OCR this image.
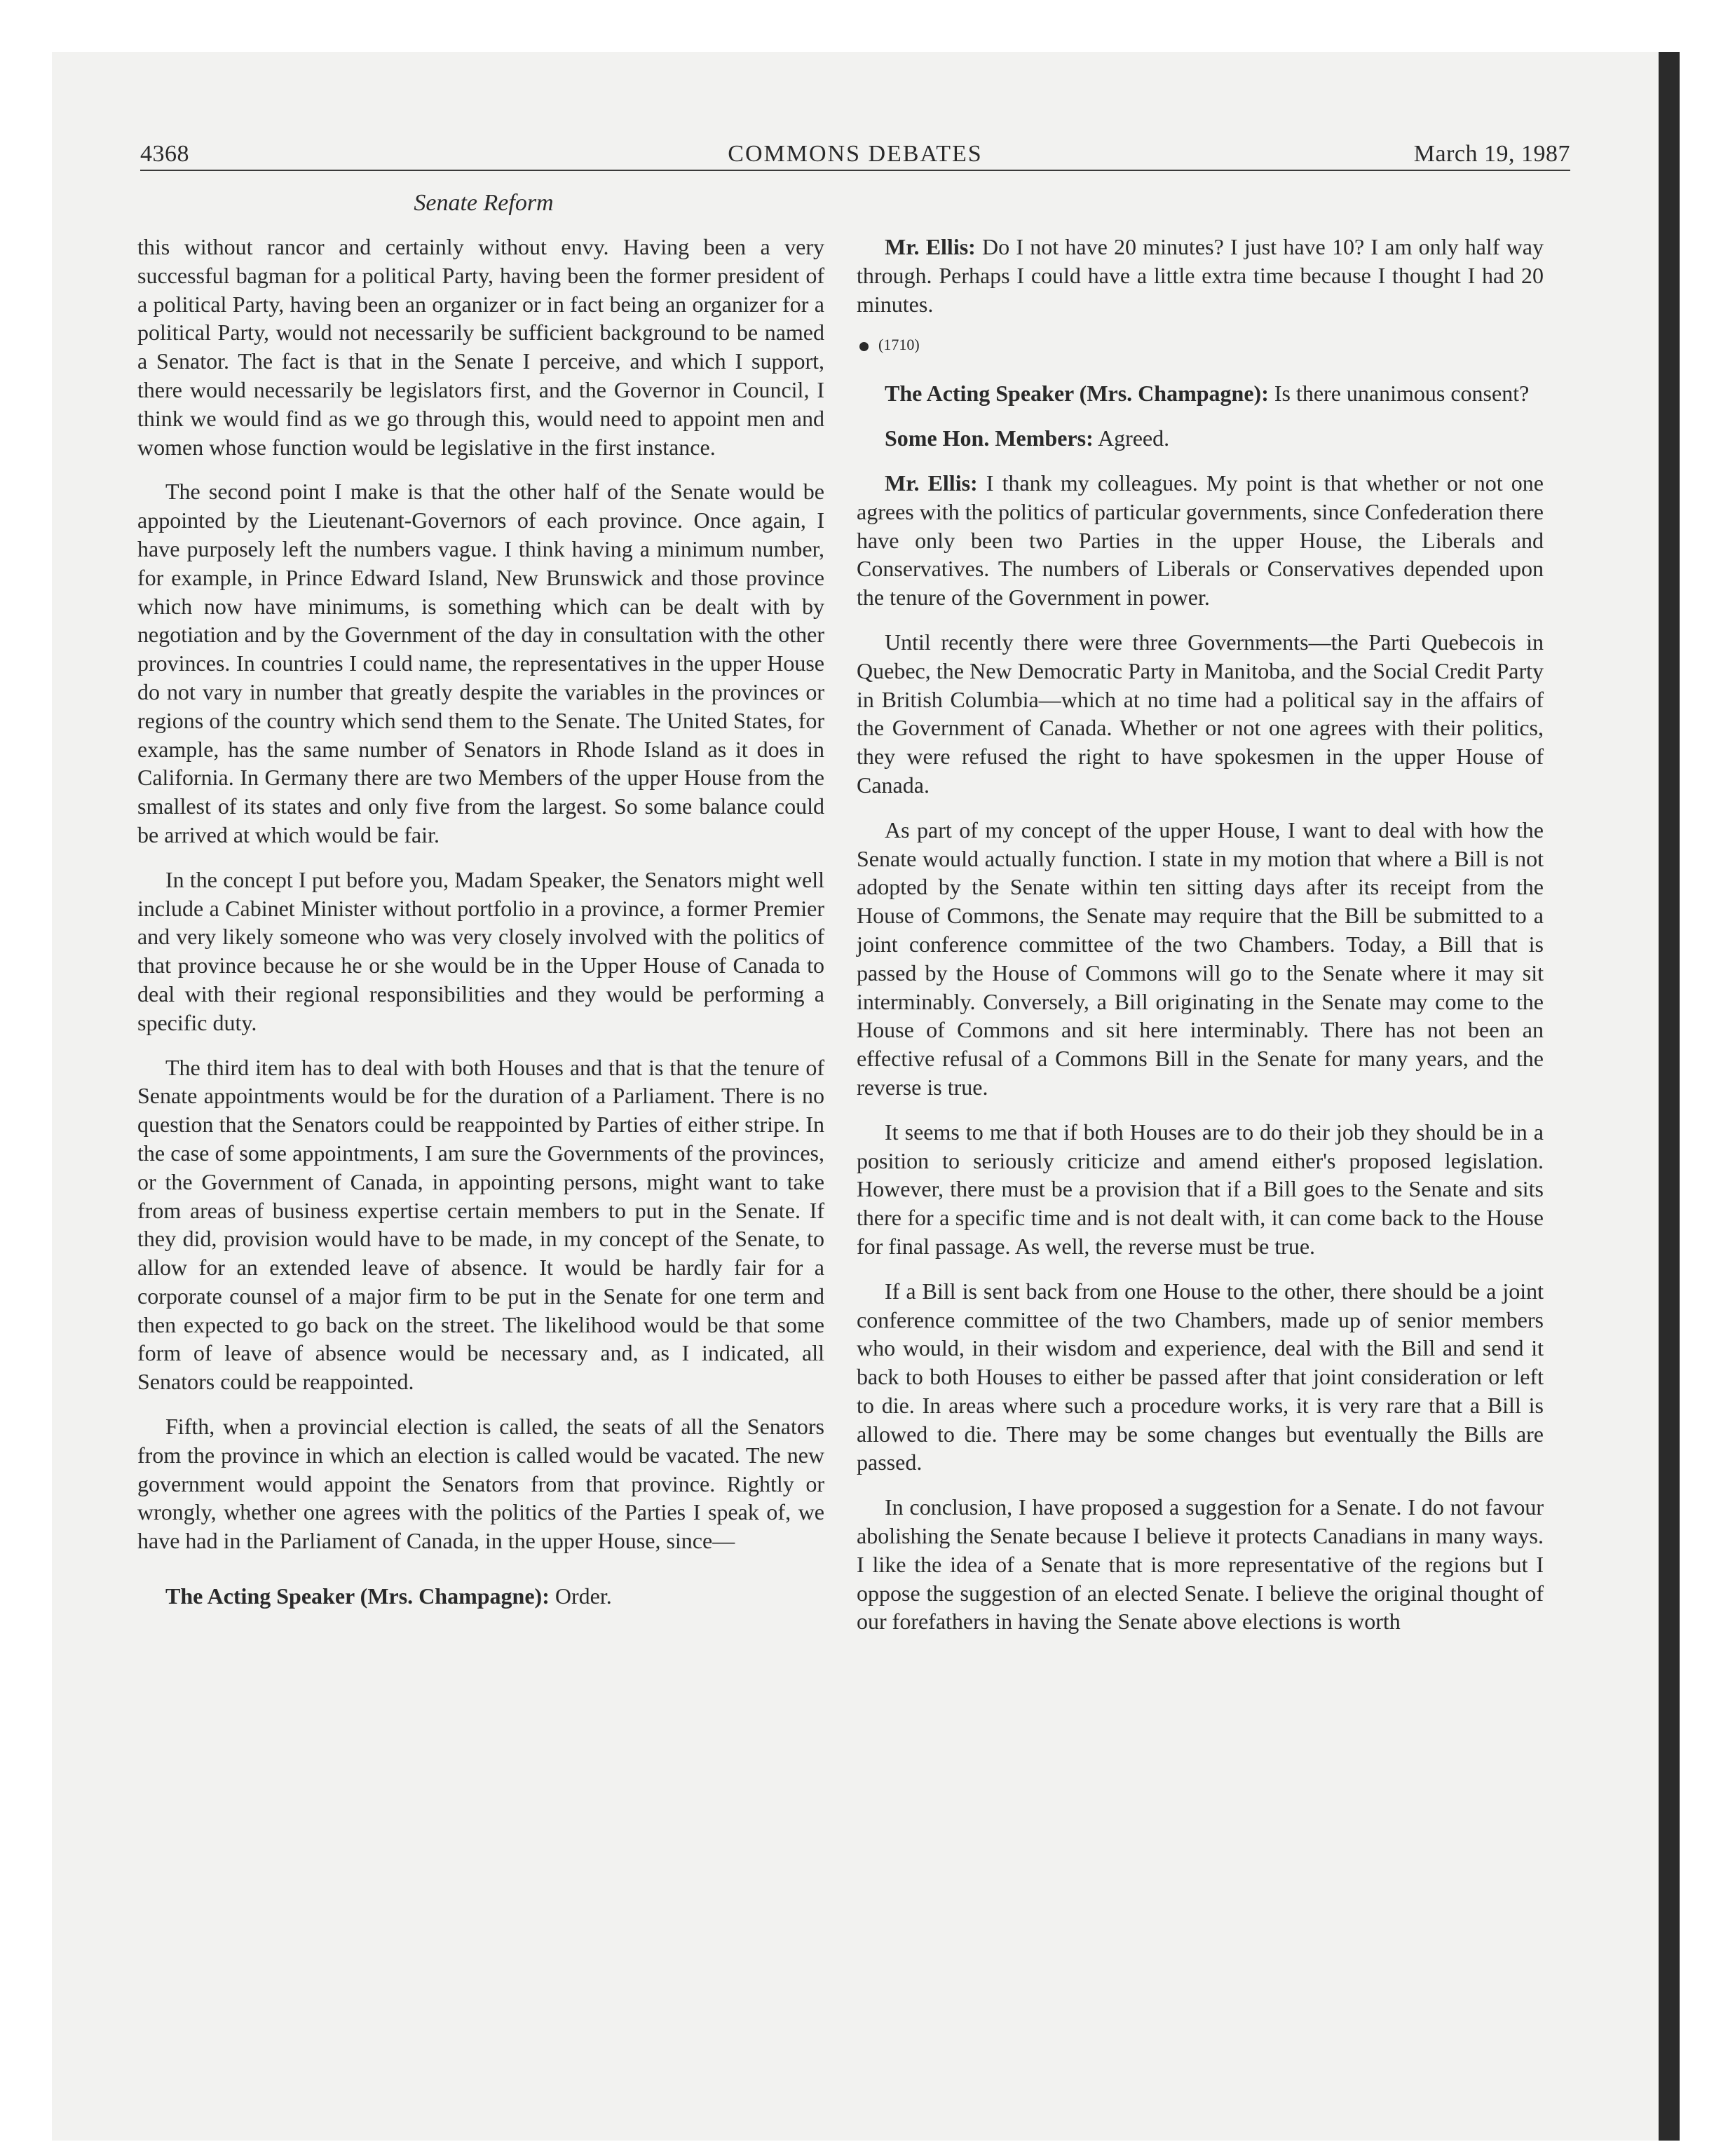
4368	COMMONS DEBATES	March 19, 1987
Senate Reform

this without rancor and certainly without envy. Having been a very successful bagman for a political Party, having been the former president of a political Party, having been an organizer or in fact being an organizer for a political Party, would not necessarily be sufficient background to be named a Senator. The fact is that in the Senate I perceive, and which I support, there would necessarily be legislators first, and the Governor in Council, I think we would find as we go through this, would need to appoint men and women whose function would be legislative in the first instance.

The second point I make is that the other half of the Senate would be appointed by the Lieutenant-Governors of each province. Once again, I have purposely left the numbers vague. I think having a minimum number, for example, in Prince Edward Island, New Brunswick and those province which now have minimums, is something which can be dealt with by negotiation and by the Government of the day in consultation with the other provinces. In countries I could name, the representatives in the upper House do not vary in number that greatly despite the variables in the provinces or regions of the country which send them to the Senate. The United States, for example, has the same number of Senators in Rhode Island as it does in California. In Germany there are two Members of the upper House from the smallest of its states and only five from the largest. So some balance could be arrived at which would be fair.

In the concept I put before you, Madam Speaker, the Senators might well include a Cabinet Minister without portfolio in a province, a former Premier and very likely someone who was very closely involved with the politics of that province because he or she would be in the Upper House of Canada to deal with their regional responsibilities and they would be performing a specific duty.

The third item has to deal with both Houses and that is that the tenure of Senate appointments would be for the duration of a Parliament. There is no question that the Senators could be reappointed by Parties of either stripe. In the case of some appointments, I am sure the Governments of the provinces, or the Government of Canada, in appointing persons, might want to take from areas of business expertise certain members to put in the Senate. If they did, provision would have to be made, in my concept of the Senate, to allow for an extended leave of absence. It would be hardly fair for a corporate counsel of a major firm to be put in the Senate for one term and then expected to go back on the street. The likelihood would be that some form of leave of absence would be necessary and, as I indicated, all Senators could be reappointed.

Fifth, when a provincial election is called, the seats of all the Senators from the province in which an election is called would be vacated. The new government would appoint the Senators from that province. Rightly or wrongly, whether one agrees with the politics of the Parties I speak of, we have had in the Parliament of Canada, in the upper House, since—

The Acting Speaker (Mrs. Champagne): Order.

Mr. Ellis: Do I not have 20 minutes? I just have 10? I am only half way through. Perhaps I could have a little extra time because I thought I had 20 minutes.

(1710)

The Acting Speaker (Mrs. Champagne): Is there unanimous consent?

Some Hon. Members: Agreed.

Mr. Ellis: I thank my colleagues. My point is that whether or not one agrees with the politics of particular governments, since Confederation there have only been two Parties in the upper House, the Liberals and Conservatives. The numbers of Liberals or Conservatives depended upon the tenure of the Government in power.

Until recently there were three Governments—the Parti Quebecois in Quebec, the New Democratic Party in Manitoba, and the Social Credit Party in British Columbia—which at no time had a political say in the affairs of the Government of Canada. Whether or not one agrees with their politics, they were refused the right to have spokesmen in the upper House of Canada.

As part of my concept of the upper House, I want to deal with how the Senate would actually function. I state in my motion that where a Bill is not adopted by the Senate within ten sitting days after its receipt from the House of Commons, the Senate may require that the Bill be submitted to a joint conference committee of the two Chambers. Today, a Bill that is passed by the House of Commons will go to the Senate where it may sit interminably. Conversely, a Bill originating in the Senate may come to the House of Commons and sit here interminably. There has not been an effective refusal of a Commons Bill in the Senate for many years, and the reverse is true.

It seems to me that if both Houses are to do their job they should be in a position to seriously criticize and amend either's proposed legislation. However, there must be a provision that if a Bill goes to the Senate and sits there for a specific time and is not dealt with, it can come back to the House for final passage. As well, the reverse must be true.

If a Bill is sent back from one House to the other, there should be a joint conference committee of the two Chambers, made up of senior members who would, in their wisdom and experience, deal with the Bill and send it back to both Houses to either be passed after that joint consideration or left to die. In areas where such a procedure works, it is very rare that a Bill is allowed to die. There may be some changes but eventually the Bills are passed.

In conclusion, I have proposed a suggestion for a Senate. I do not favour abolishing the Senate because I believe it protects Canadians in many ways. I like the idea of a Senate that is more representative of the regions but I oppose the suggestion of an elected Senate. I believe the original thought of our forefathers in having the Senate above elections is worth
